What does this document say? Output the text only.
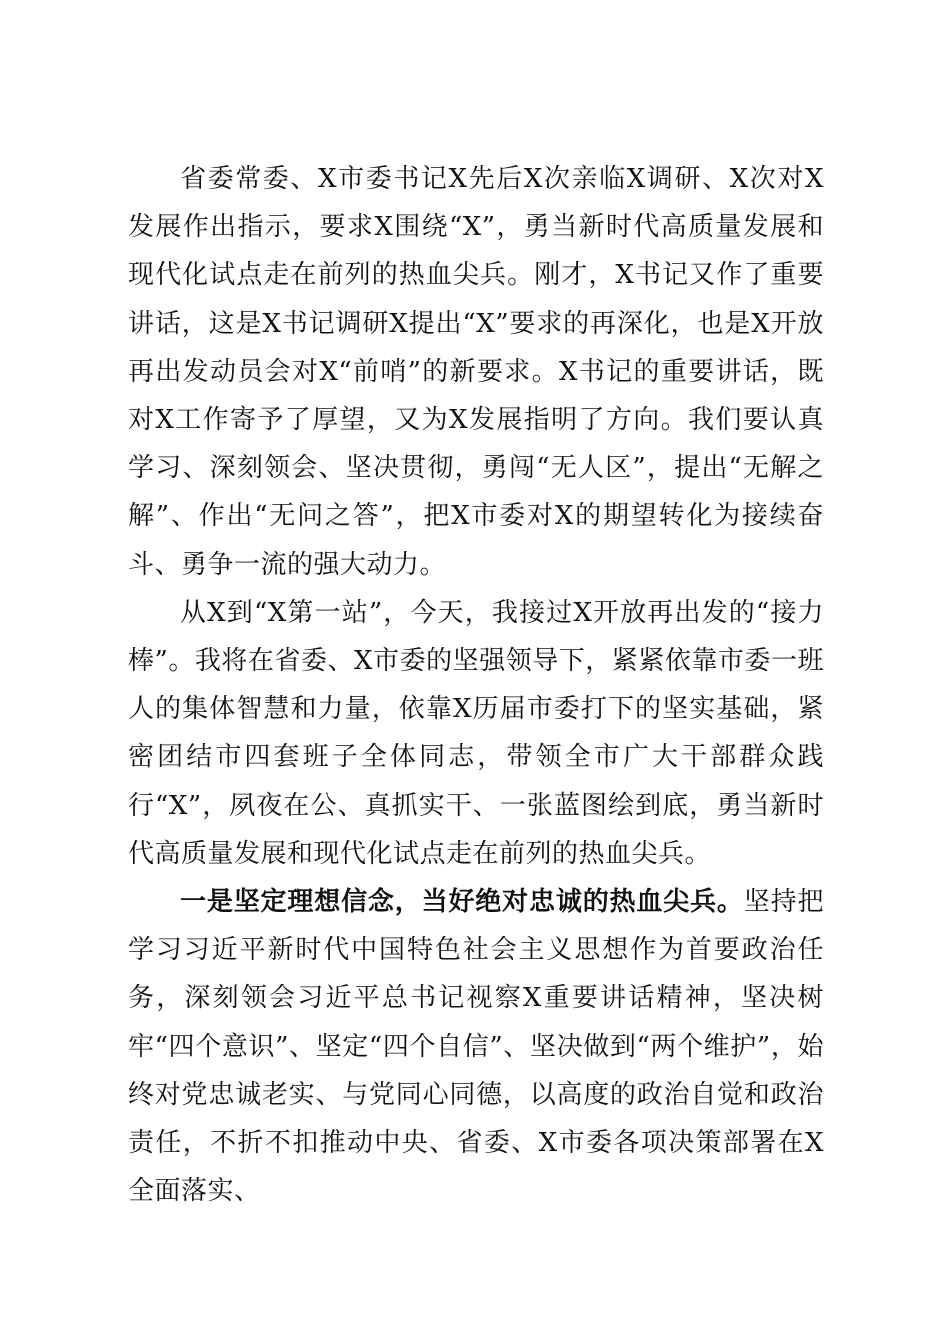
省委常委、X市委书记X先后X次亲临X调研、X次对X发展作出指示，要求X围绕“X”，勇当新时代高质量发展和现代化试点走在前列的热血尖兵。刚才，X书记又作了重要讲话，这是X书记调研X提出“X”要求的再深化，也是X开放再出发动员会对X“前哨”的新要求。X书记的重要讲话，既对X工作寄予了厚望，又为X发展指明了方向。我们要认真学习、深刻领会、坚决贯彻，勇闯“无人区”，提出“无解之解”、作出“无问之答”，把X市委对X的期望转化为接续奋斗、勇争一流的强大动力。

从X到“X第一站”，今天，我接过X开放再出发的“接力棒”。我将在省委、X市委的坚强领导下，紧紧依靠市委一班人的集体智慧和力量，依靠X历届市委打下的坚实基础，紧密团结市四套班子全体同志，带领全市广大干部群众践行“X”，夙夜在公、真抓实干、一张蓝图绘到底，勇当新时代高质量发展和现代化试点走在前列的热血尖兵。

一是坚定理想信念，当好绝对忠诚的热血尖兵。坚持把学习习近平新时代中国特色社会主义思想作为首要政治任务，深刻领会习近平总书记视察X重要讲话精神，坚决树牢“四个意识”、坚定“四个自信”、坚决做到“两个维护”，始终对党忠诚老实、与党同心同德，以高度的政治自觉和政治责任，不折不扣推动中央、省委、X市委各项决策部署在X全面落实、
